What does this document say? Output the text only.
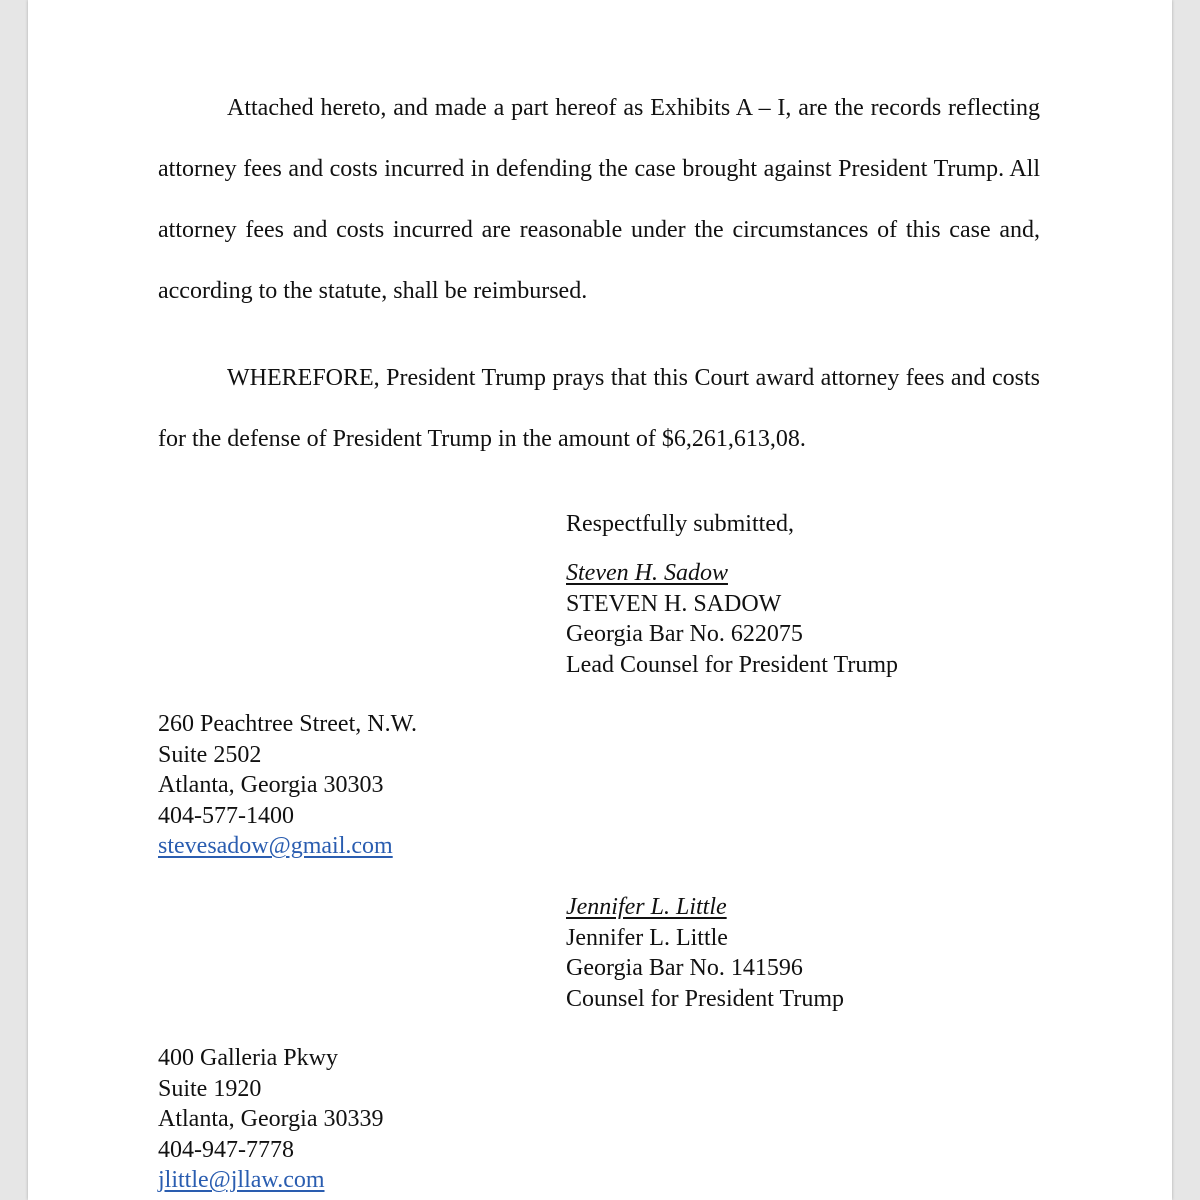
Attached hereto, and made a part hereof as Exhibits A – I, are the records reflecting attorney fees and costs incurred in defending the case brought against President Trump. All attorney fees and costs incurred are reasonable under the circumstances of this case and, according to the statute, shall be reimbursed.

WHEREFORE, President Trump prays that this Court award attorney fees and costs for the defense of President Trump in the amount of $6,261,613,08.

Respectfully submitted,
Steven H. Sadow
STEVEN H. SADOW
Georgia Bar No. 622075
Lead Counsel for President Trump
260 Peachtree Street, N.W.
Suite 2502
Atlanta, Georgia 30303
404-577-1400
stevesadow@gmail.com
Jennifer L. Little
Jennifer L. Little
Georgia Bar No. 141596
Counsel for President Trump
400 Galleria Pkwy
Suite 1920
Atlanta, Georgia 30339
404-947-7778
jlittle@jllaw.com
